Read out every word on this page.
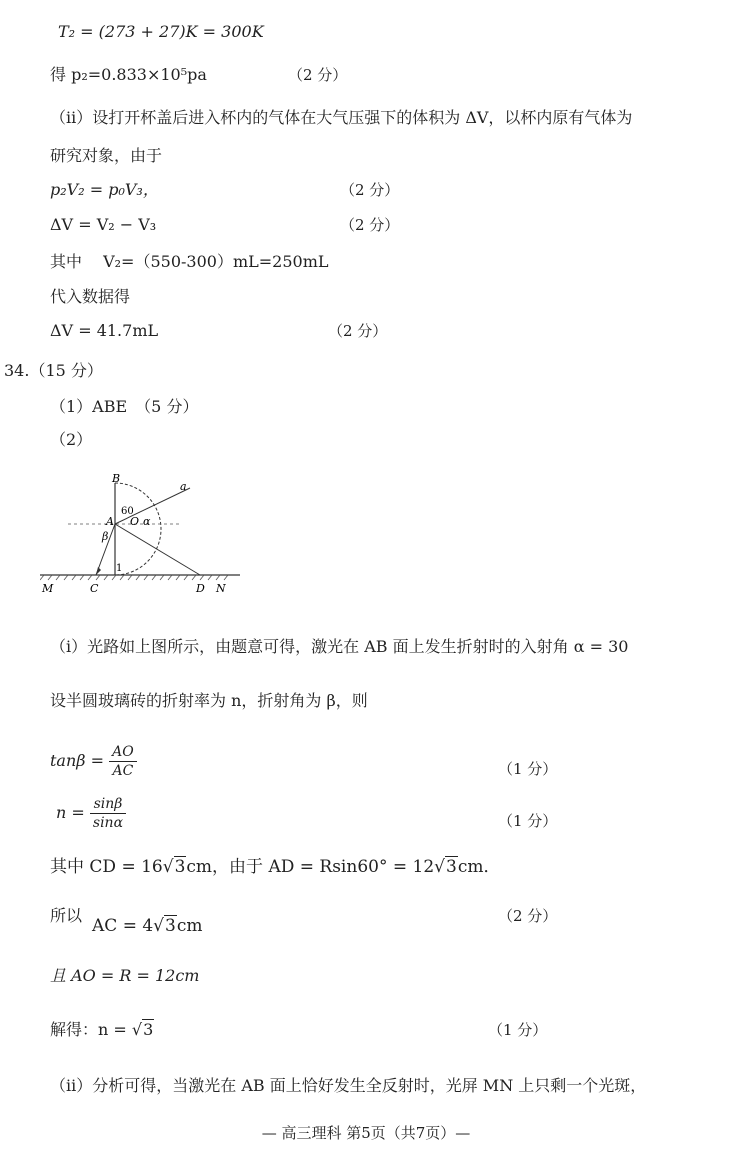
T₂ = (273 + 27)K = 300K
得 p₂=0.833×10⁵pa	（2 分）
（ⅱ）设打开杯盖后进入杯内的气体在大气压强下的体积为 ΔV，以杯内原有气体为
研究对象，由于
p₂V₂ = p₀V₃，	（2 分）
ΔV = V₂ − V₃	（2 分）
其中　 V₂=（550-300）mL=250mL
代入数据得
ΔV = 41.7mL	（2 分）
34.（15 分）
（1）ABE　（5 分）
（2）
B
a
60
O α
A
β
1
M	C	D N
（ⅰ）光路如上图所示，由题意可得，激光在 AB 面上发生折射时的入射角 α = 30
设半圆玻璃砖的折射率为 n，折射角为 β，则
$\tan\beta = \frac{AO}{AC}$	（1 分）
$n = \frac{\sin\beta}{\sin\alpha}$	（1 分）
其中 CD = 16√3cm，由于 AD = Rsin60° = 12√3cm．
所以
AC = 4√3cm	（2 分）
且 AO = R = 12cm
解得：n = √3	（1 分）
（ⅱ）分析可得，当激光在 AB 面上恰好发生全反射时，光屏 MN 上只剩一个光斑，
— 高三理科 第5页（共7页）—
